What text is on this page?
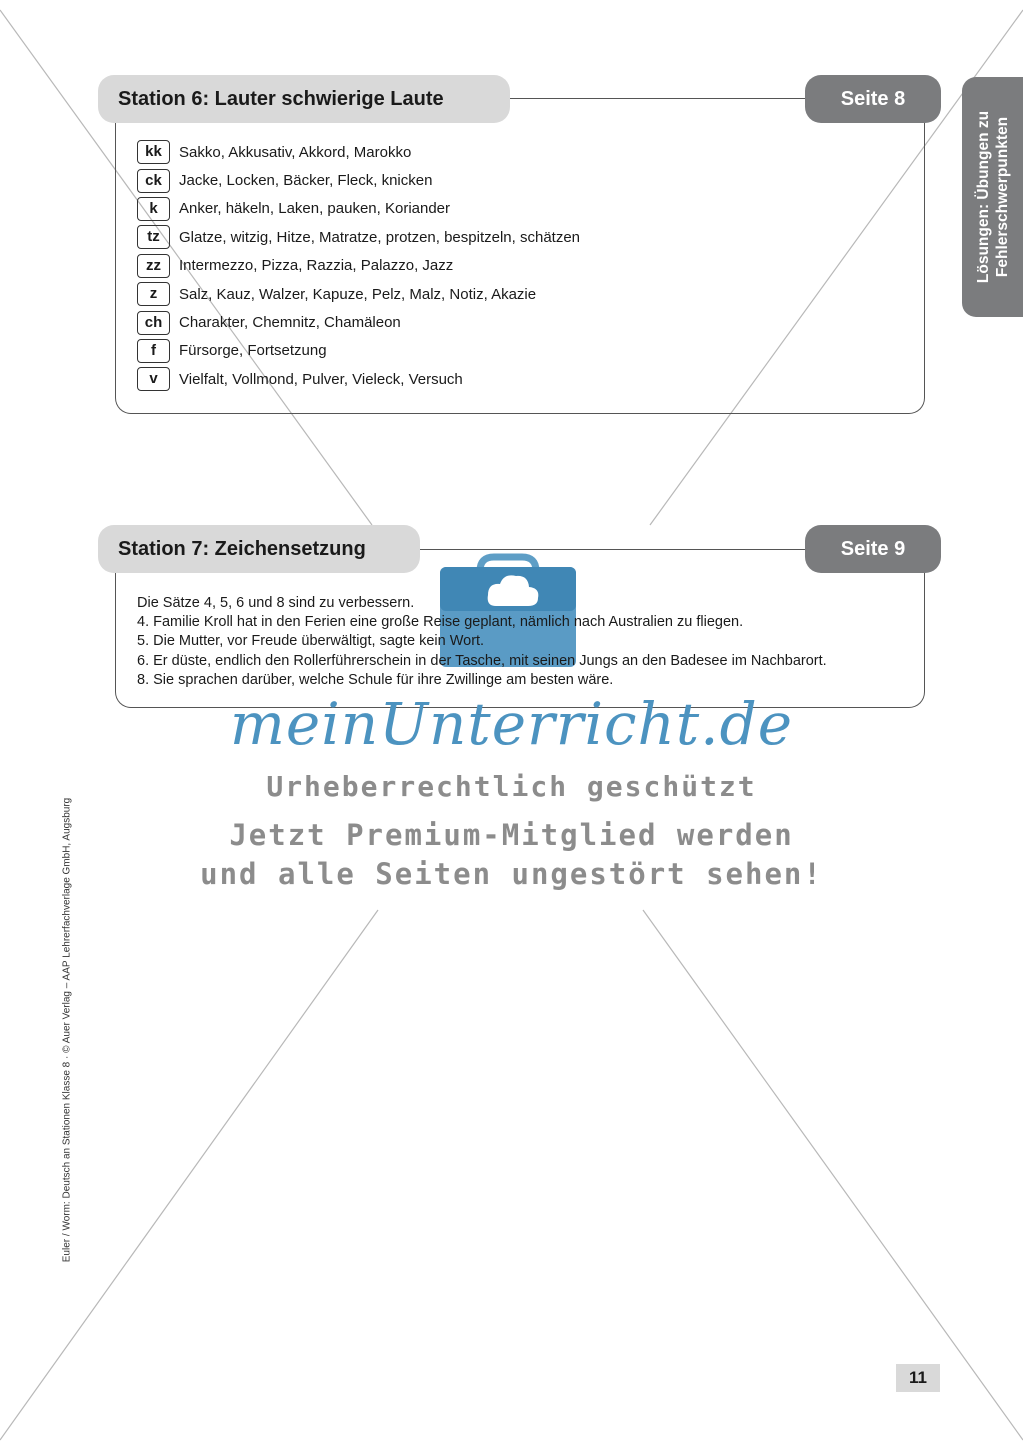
Lösungen: Übungen zu Fehlerschwerpunkten
Station 6: Lauter schwierige Laute	Seite 8
kk	Sakko, Akkusativ, Akkord, Marokko
ck	Jacke, Locken, Bäcker, Fleck, knicken
k	Anker, häkeln, Laken, pauken, Koriander
tz	Glatze, witzig, Hitze, Matratze, protzen, bespitzeln, schätzen
zz	Intermezzo, Pizza, Razzia, Palazzo, Jazz
z	Salz, Kauz, Walzer, Kapuze, Pelz, Malz, Notiz, Akazie
ch	Charakter, Chemnitz, Chamäleon
f	Fürsorge, Fortsetzung
v	Vielfalt, Vollmond, Pulver, Vieleck, Versuch
Station 7: Zeichensetzung	Seite 9
Die Sätze 4, 5, 6 und 8 sind zu verbessern.
4. Familie Kroll hat in den Ferien eine große Reise geplant, nämlich nach Australien zu fliegen.
5. Die Mutter, vor Freude überwältigt, sagte kein Wort.
6. Er düste, endlich den Rollerführerschein in der Tasche, mit seinen Jungs an den Badesee im Nachbarort.
8. Sie sprachen darüber, welche Schule für ihre Zwillinge am besten wäre.
meinUnterricht.de
Urheberrechtlich geschützt
Jetzt Premium-Mitglied werden
und alle Seiten ungestört sehen!
Euler / Worm: Deutsch an Stationen Klasse 8 · © Auer Verlag – AAP Lehrerfachverlage GmbH, Augsburg
11
